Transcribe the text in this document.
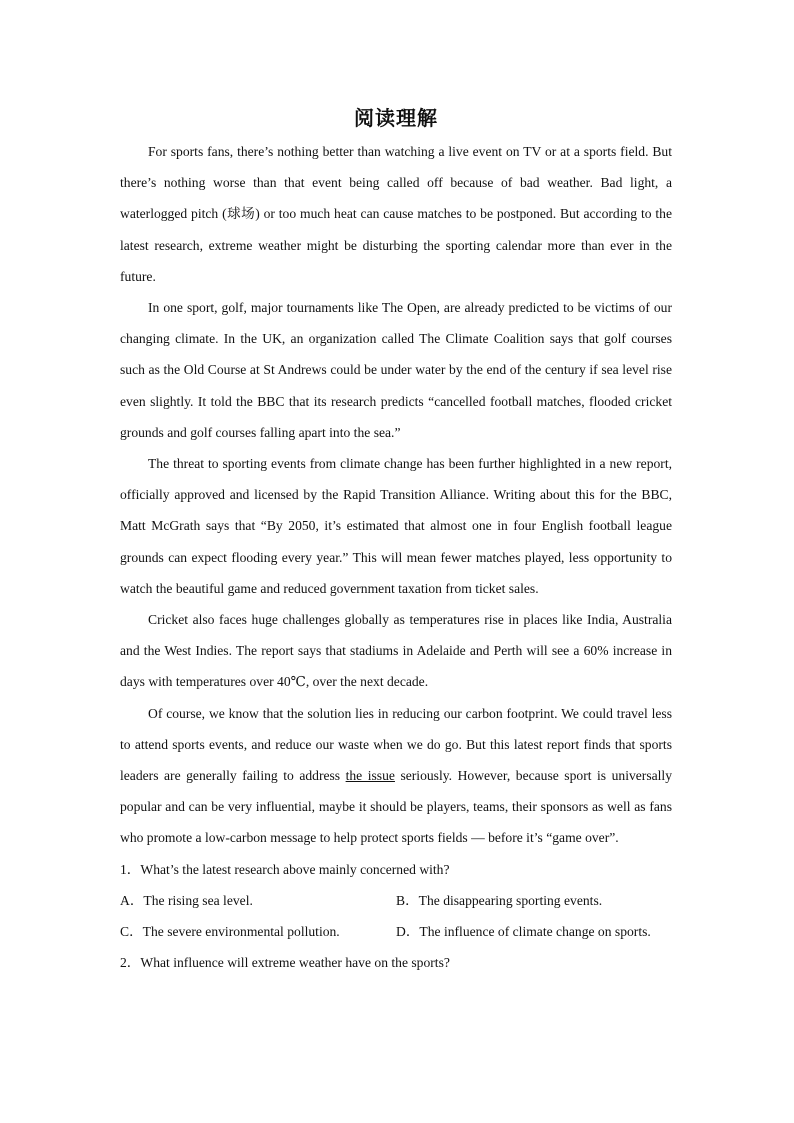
阅读理解

For sports fans, there’s nothing better than watching a live event on TV or at a sports field. But there’s nothing worse than that event being called off because of bad weather. Bad light, a waterlogged pitch (球场) or too much heat can cause matches to be postponed. But according to the latest research, extreme weather might be disturbing the sporting calendar more than ever in the future.

In one sport, golf, major tournaments like The Open, are already predicted to be victims of our changing climate. In the UK, an organization called The Climate Coalition says that golf courses such as the Old Course at St Andrews could be under water by the end of the century if sea level rise even slightly. It told the BBC that its research predicts “cancelled football matches, flooded cricket grounds and golf courses falling apart into the sea.”

The threat to sporting events from climate change has been further highlighted in a new report, officially approved and licensed by the Rapid Transition Alliance. Writing about this for the BBC, Matt McGrath says that “By 2050, it’s estimated that almost one in four English football league grounds can expect flooding every year.” This will mean fewer matches played, less opportunity to watch the beautiful game and reduced government taxation from ticket sales.

Cricket also faces huge challenges globally as temperatures rise in places like India, Australia and the West Indies. The report says that stadiums in Adelaide and Perth will see a 60% increase in days with temperatures over 40℃, over the next decade.

Of course, we know that the solution lies in reducing our carbon footprint. We could travel less to attend sports events, and reduce our waste when we do go. But this latest report finds that sports leaders are generally failing to address the issue seriously. However, because sport is universally popular and can be very influential, maybe it should be players, teams, their sponsors as well as fans who promote a low-carbon message to help protect sports fields — before it’s “game over”.

1．What’s the latest research above mainly concerned with?
A．The rising sea level.	B．The disappearing sporting events.
C．The severe environmental pollution.	D．The influence of climate change on sports.
2．What influence will extreme weather have on the sports?
